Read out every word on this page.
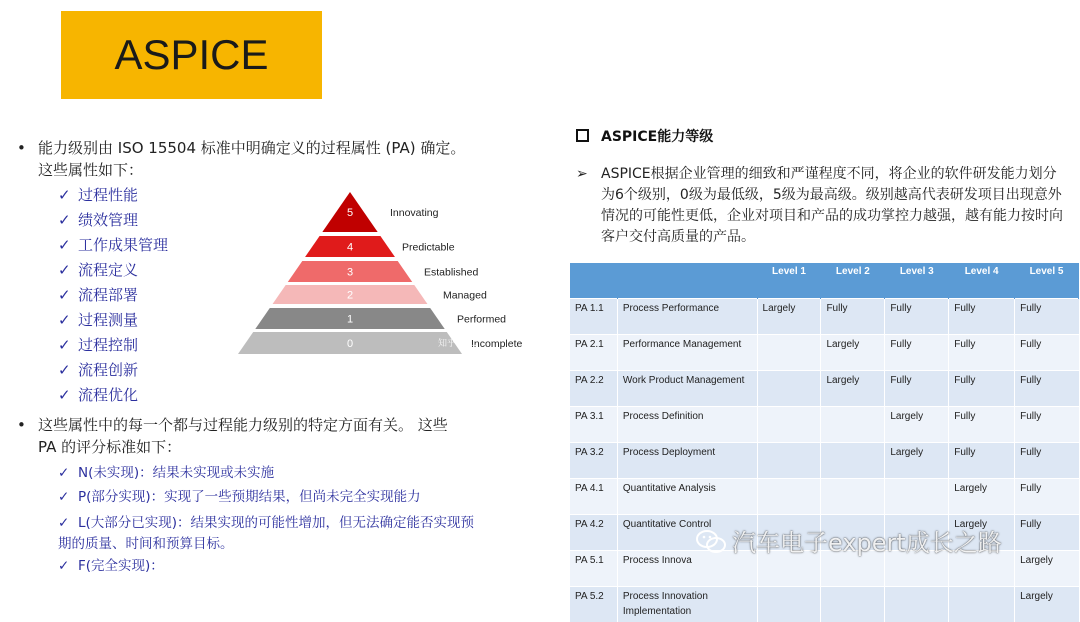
ASPICE
• 能力级别由 ISO 15504 标准中明确定义的过程属性 (PA) 确定。
这些属性如下：
✓ 过程性能
✓ 绩效管理
✓ 工作成果管理
✓ 流程定义
✓ 流程部署
✓ 过程测量
✓ 过程控制
✓ 流程创新
✓ 流程优化
• 这些属性中的每一个都与过程能力级别的特定方面有关。 这些
PA 的评分标准如下：
✓ N(未实现)：结果未实现或未实施
✓ P(部分实现)：实现了一些预期结果，但尚未完全实现能力
✓ L(大部分已实现)：结果实现的可能性增加，但无法确定能否实现预
期的质量、时间和预算目标。
✓ F(完全实现)：
5	Innovating
4	Predictable
3	Established
2	Managed
1	Performed
0	Incomplete
知乎 @...
ASPICE能力等级
➢ ASPICE根据企业管理的细致和严谨程度不同，将企业的软件研发能力划分为6个级别，0级为最低级，5级为最高级。级别越高代表研发项目出现意外情况的可能性更低，企业对项目和产品的成功掌控力越强，越有能力按时向客户交付高质量的产品。
		Level 1	Level 2	Level 3	Level 4	Level 5
PA 1.1	Process Performance	Largely	Fully	Fully	Fully	Fully
PA 2.1	Performance Management		Largely	Fully	Fully	Fully
PA 2.2	Work Product Management		Largely	Fully	Fully	Fully
PA 3.1	Process Definition			Largely	Fully	Fully
PA 3.2	Process Deployment			Largely	Fully	Fully
PA 4.1	Quantitative Analysis				Largely	Fully
PA 4.2	Quantitative Control				Largely	Fully
PA 5.1	Process Innova					Largely
PA 5.2	Process Innovation Implementation					Largely
汽车电子expert成长之路
